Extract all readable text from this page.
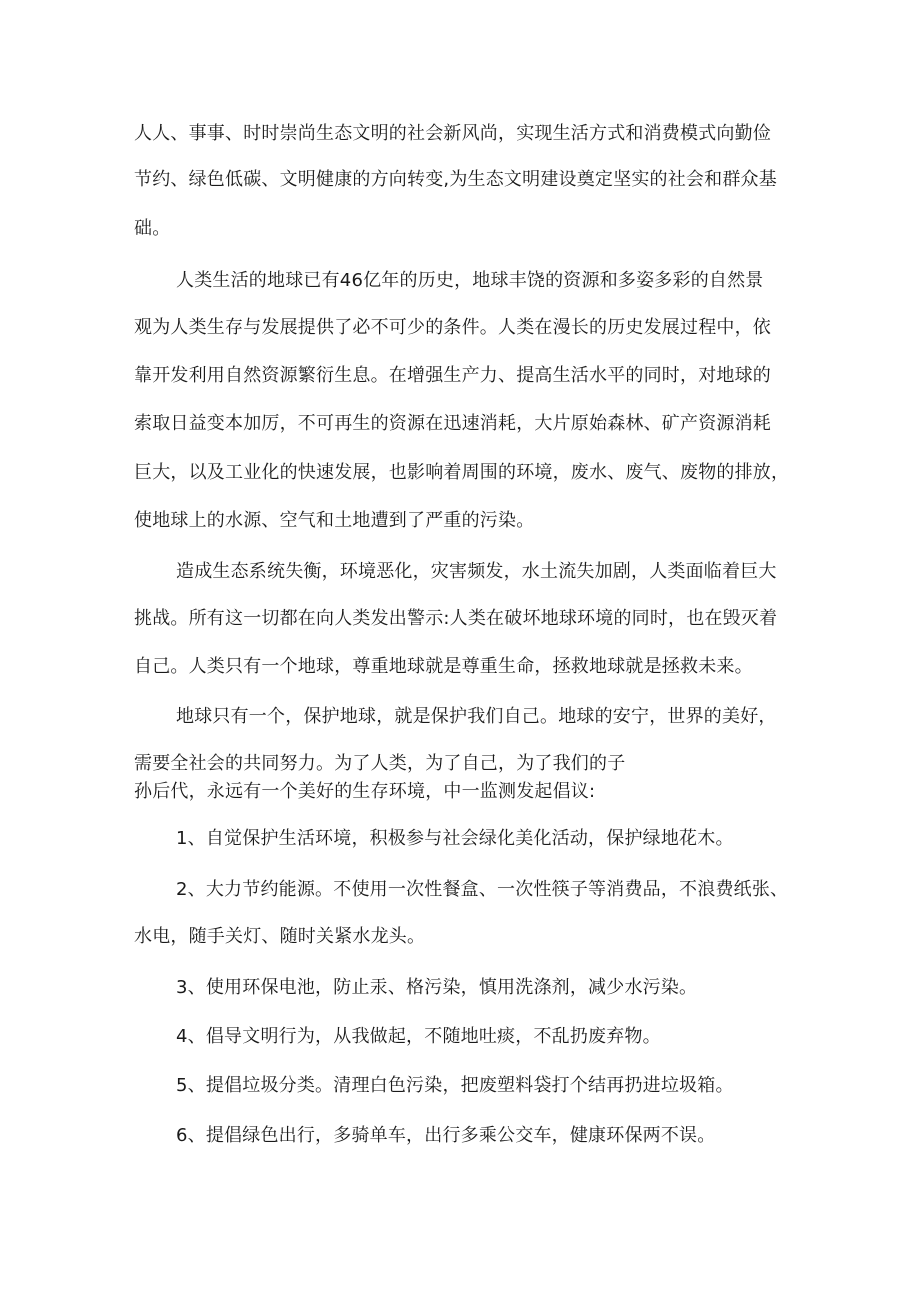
人人、事事、时时崇尚生态文明的社会新风尚，实现生活方式和消费模式向勤俭
节约、绿色低碳、文明健康的方向转变,为生态文明建设奠定坚实的社会和群众基
础。
人类生活的地球已有46亿年的历史，地球丰饶的资源和多姿多彩的自然景
观为人类生存与发展提供了必不可少的条件。人类在漫长的历史发展过程中，依
靠开发利用自然资源繁衍生息。在增强生产力、提高生活水平的同时，对地球的
索取日益变本加厉，不可再生的资源在迅速消耗，大片原始森林、矿产资源消耗
巨大，以及工业化的快速发展，也影响着周围的环境，废水、废气、废物的排放，
使地球上的水源、空气和土地遭到了严重的污染。
造成生态系统失衡，环境恶化，灾害频发，水土流失加剧，人类面临着巨大
挑战。所有这一切都在向人类发出警示:人类在破坏地球环境的同时，也在毁灭着
自己。人类只有一个地球，尊重地球就是尊重生命，拯救地球就是拯救未来。
地球只有一个，保护地球，就是保护我们自己。地球的安宁，世界的美好，
需要全社会的共同努力。为了人类，为了自己，为了我们的子
孙后代，永远有一个美好的生存环境，中一监测发起倡议:
1、自觉保护生活环境，积极参与社会绿化美化活动，保护绿地花木。
2、大力节约能源。不使用一次性餐盒、一次性筷子等消费品，不浪费纸张、
水电，随手关灯、随时关紧水龙头。
3、使用环保电池，防止汞、格污染，慎用洗涤剂，减少水污染。
4、倡导文明行为，从我做起，不随地吐痰，不乱扔废弃物。
5、提倡垃圾分类。清理白色污染，把废塑料袋打个结再扔进垃圾箱。
6、提倡绿色出行，多骑单车，出行多乘公交车，健康环保两不误。
